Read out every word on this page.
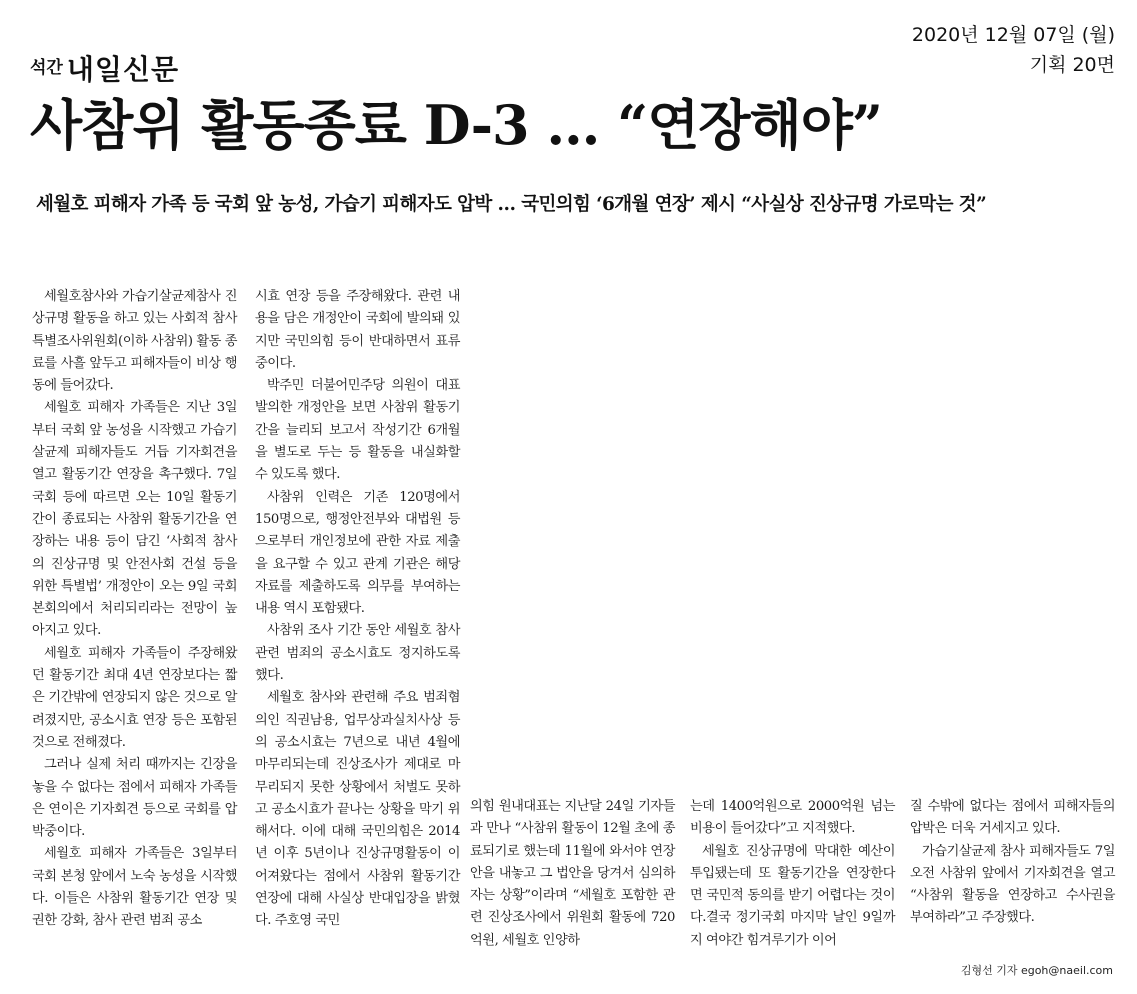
2020년 12월 07일 (월)
기획 20면
석간 내일신문
사참위 활동종료 D-3 … “연장해야”
세월호 피해자 가족 등 국회 앞 농성, 가습기 피해자도 압박 … 국민의힘 ‘6개월 연장’ 제시 “사실상 진상규명 가로막는 것”

세월호참사와 가습기살균제참사 진상규명 활동을 하고 있는 사회적 참사 특별조사위원회(이하 사참위) 활동 종료를 사흘 앞두고 피해자들이 비상 행동에 들어갔다.

세월호 피해자 가족들은 지난 3일부터 국회 앞 농성을 시작했고 가습기살균제 피해자들도 거듭 기자회견을 열고 활동기간 연장을 촉구했다. 7일 국회 등에 따르면 오는 10일 활동기간이 종료되는 사참위 활동기간을 연장하는 내용 등이 담긴 ‘사회적 참사의 진상규명 및 안전사회 건설 등을 위한 특별법’ 개정안이 오는 9일 국회 본회의에서 처리되리라는 전망이 높아지고 있다.

세월호 피해자 가족들이 주장해왔던 활동기간 최대 4년 연장보다는 짧은 기간밖에 연장되지 않은 것으로 알려졌지만, 공소시효 연장 등은 포함된 것으로 전해졌다.

그러나 실제 처리 때까지는 긴장을 놓을 수 없다는 점에서 피해자 가족들은 연이은 기자회견 등으로 국회를 압박중이다.

세월호 피해자 가족들은 3일부터 국회 본청 앞에서 노숙 농성을 시작했다. 이들은 사참위 활동기간 연장 및 권한 강화, 참사 관련 범죄 공소

시효 연장 등을 주장해왔다. 관련 내용을 담은 개정안이 국회에 발의돼 있지만 국민의힘 등이 반대하면서 표류중이다.

박주민 더불어민주당 의원이 대표발의한 개정안을 보면 사참위 활동기간을 늘리되 보고서 작성기간 6개월을 별도로 두는 등 활동을 내실화할 수 있도록 했다.

사참위 인력은 기존 120명에서 150명으로, 행정안전부와 대법원 등으로부터 개인정보에 관한 자료 제출을 요구할 수 있고 관계 기관은 해당 자료를 제출하도록 의무를 부여하는 내용 역시 포함됐다.

사참위 조사 기간 동안 세월호 참사 관련 범죄의 공소시효도 정지하도록 했다.

세월호 참사와 관련해 주요 범죄혐의인 직권남용, 업무상과실치사상 등의 공소시효는 7년으로 내년 4월에 마무리되는데 진상조사가 제대로 마무리되지 못한 상황에서 처벌도 못하고 공소시효가 끝나는 상황을 막기 위해서다. 이에 대해 국민의힘은 2014년 이후 5년이나 진상규명활동이 이어져왔다는 점에서 사참위 활동기간 연장에 대해 사실상 반대입장을 밝혔다. 주호영 국민

의힘 원내대표는 지난달 24일 기자들과 만나 “사참위 활동이 12월 초에 종료되기로 했는데 11월에 와서야 연장안을 내놓고 그 법안을 당겨서 심의하자는 상황”이라며 “세월호 포함한 관련 진상조사에서 위원회 활동에 720억원, 세월호 인양하

는데 1400억원으로 2000억원 넘는 비용이 들어갔다”고 지적했다.

세월호 진상규명에 막대한 예산이 투입됐는데 또 활동기간을 연장한다면 국민적 동의를 받기 어렵다는 것이다.결국 정기국회 마지막 날인 9일까지 여야간 힘겨루기가 이어

질 수밖에 없다는 점에서 피해자들의 압박은 더욱 거세지고 있다.

가습기살균제 참사 피해자들도 7일 오전 사참위 앞에서 기자회견을 열고 “사참위 활동을 연장하고 수사권을 부여하라”고 주장했다.

김형선 기자 egoh@naeil.com
